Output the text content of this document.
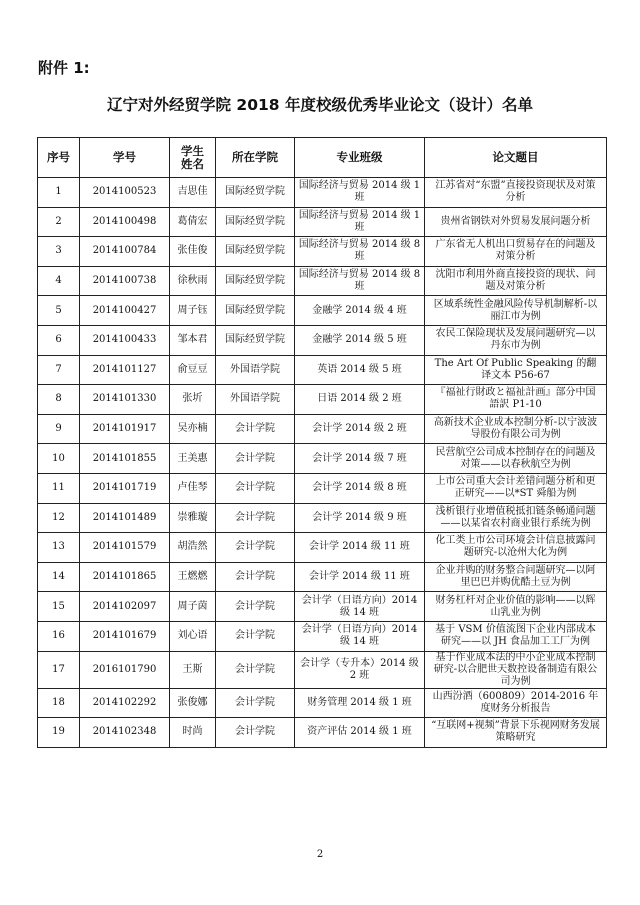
附件 1:
辽宁对外经贸学院 2018 年度校级优秀毕业论文（设计）名单
序号	学号	学生姓名	所在学院	专业班级	论文题目
1	2014100523	吉思佳	国际经贸学院	国际经济与贸易 2014 级 1 班	江苏省对“东盟”直接投资现状及对策分析
2	2014100498	葛倩宏	国际经贸学院	国际经济与贸易 2014 级 1 班	贵州省钢铁对外贸易发展问题分析
3	2014100784	张佳俊	国际经贸学院	国际经济与贸易 2014 级 8 班	广东省无人机出口贸易存在的问题及对策分析
4	2014100738	徐秋雨	国际经贸学院	国际经济与贸易 2014 级 8 班	沈阳市利用外商直接投资的现状、问题及对策分析
5	2014100427	周子钰	国际经贸学院	金融学 2014 级 4 班	区域系统性金融风险传导机制解析-以丽江市为例
6	2014100433	邹本君	国际经贸学院	金融学 2014 级 5 班	农民工保险现状及发展问题研究—以丹东市为例
7	2014101127	俞豆豆	外国语学院	英语 2014 级 5 班	The Art Of Public Speaking 的翻译文本 P56-67
8	2014101330	张圻	外国语学院	日语 2014 级 2 班	『福祉行財政と福祉計画』部分中国語訳 P1-10
9	2014101917	吴亦楠	会计学院	会计学 2014 级 2 班	高新技术企业成本控制分析-以宁波波导股份有限公司为例
10	2014101855	王美惠	会计学院	会计学 2014 级 7 班	民营航空公司成本控制存在的问题及对策——以春秋航空为例
11	2014101719	卢佳琴	会计学院	会计学 2014 级 8 班	上市公司重大会计差错问题分析和更正研究——以*ST 舜船为例
12	2014101489	崇雅璇	会计学院	会计学 2014 级 9 班	浅析银行业增值税抵扣链条畅通问题——以某省农村商业银行系统为例
13	2014101579	胡浩然	会计学院	会计学 2014 级 11 班	化工类上市公司环境会计信息披露问题研究-以沧州大化为例
14	2014101865	王燃燃	会计学院	会计学 2014 级 11 班	企业并购的财务整合问题研究—以阿里巴巴并购优酷土豆为例
15	2014102097	周子茵	会计学院	会计学（日语方向）2014 级 14 班	财务杠杆对企业价值的影响——以辉山乳业为例
16	2014101679	刘心语	会计学院	会计学（日语方向）2014 级 14 班	基于 VSM 价值流图下企业内部成本研究——以 JH 食品加工工厂为例
17	2016101790	王斯	会计学院	会计学（专升本）2014 级 2 班	基于作业成本法的中小企业成本控制研究-以合肥世天数控设备制造有限公司为例
18	2014102292	张俊娜	会计学院	财务管理 2014 级 1 班	山西汾酒（600809）2014-2016 年度财务分析报告
19	2014102348	时尚	会计学院	资产评估 2014 级 1 班	“互联网+视频”背景下乐视网财务发展策略研究
2
